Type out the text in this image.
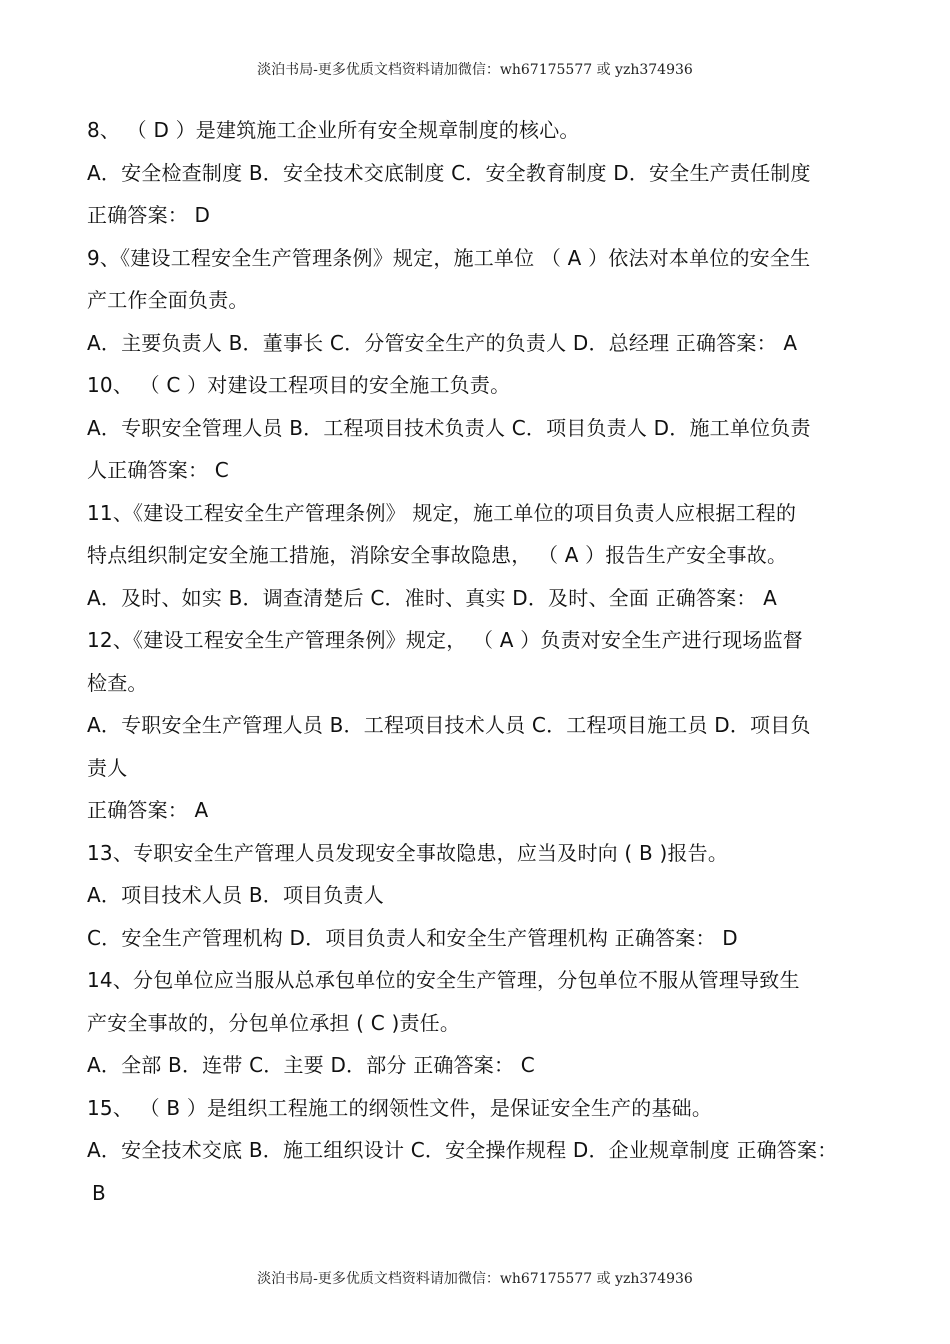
淡泊书局-更多优质文档资料请加微信：wh67175577 或 yzh374936
8、 （ D ）是建筑施工企业所有安全规章制度的核心。
A．安全检查制度 B．安全技术交底制度 C．安全教育制度 D．安全生产责任制度
正确答案： D
9、《建设工程安全生产管理条例》规定，施工单位 （ A ）依法对本单位的安全生
产工作全面负责。
A．主要负责人 B．董事长 C．分管安全生产的负责人 D．总经理 正确答案： A
10、 （ C ）对建设工程项目的安全施工负责。
A．专职安全管理人员 B．工程项目技术负责人 C．项目负责人 D．施工单位负责
人正确答案： C
11、《建设工程安全生产管理条例》 规定，施工单位的项目负责人应根据工程的
特点组织制定安全施工措施，消除安全事故隐患， （ A ）报告生产安全事故。
A．及时、如实 B．调查清楚后 C．准时、真实 D．及时、全面 正确答案： A
12、《建设工程安全生产管理条例》规定， （ A ）负责对安全生产进行现场监督
检查。
A．专职安全生产管理人员 B．工程项目技术人员 C．工程项目施工员 D．项目负
责人
正确答案： A
13、专职安全生产管理人员发现安全事故隐患，应当及时向 ( B )报告。
A．项目技术人员 B．项目负责人
C．安全生产管理机构 D．项目负责人和安全生产管理机构 正确答案： D
14、分包单位应当服从总承包单位的安全生产管理，分包单位不服从管理导致生
产安全事故的，分包单位承担 ( C )责任。
A．全部 B．连带 C．主要 D．部分 正确答案： C
15、 （ B ）是组织工程施工的纲领性文件，是保证安全生产的基础。
A．安全技术交底 B．施工组织设计 C．安全操作规程 D．企业规章制度 正确答案：
B
淡泊书局-更多优质文档资料请加微信：wh67175577 或 yzh374936
